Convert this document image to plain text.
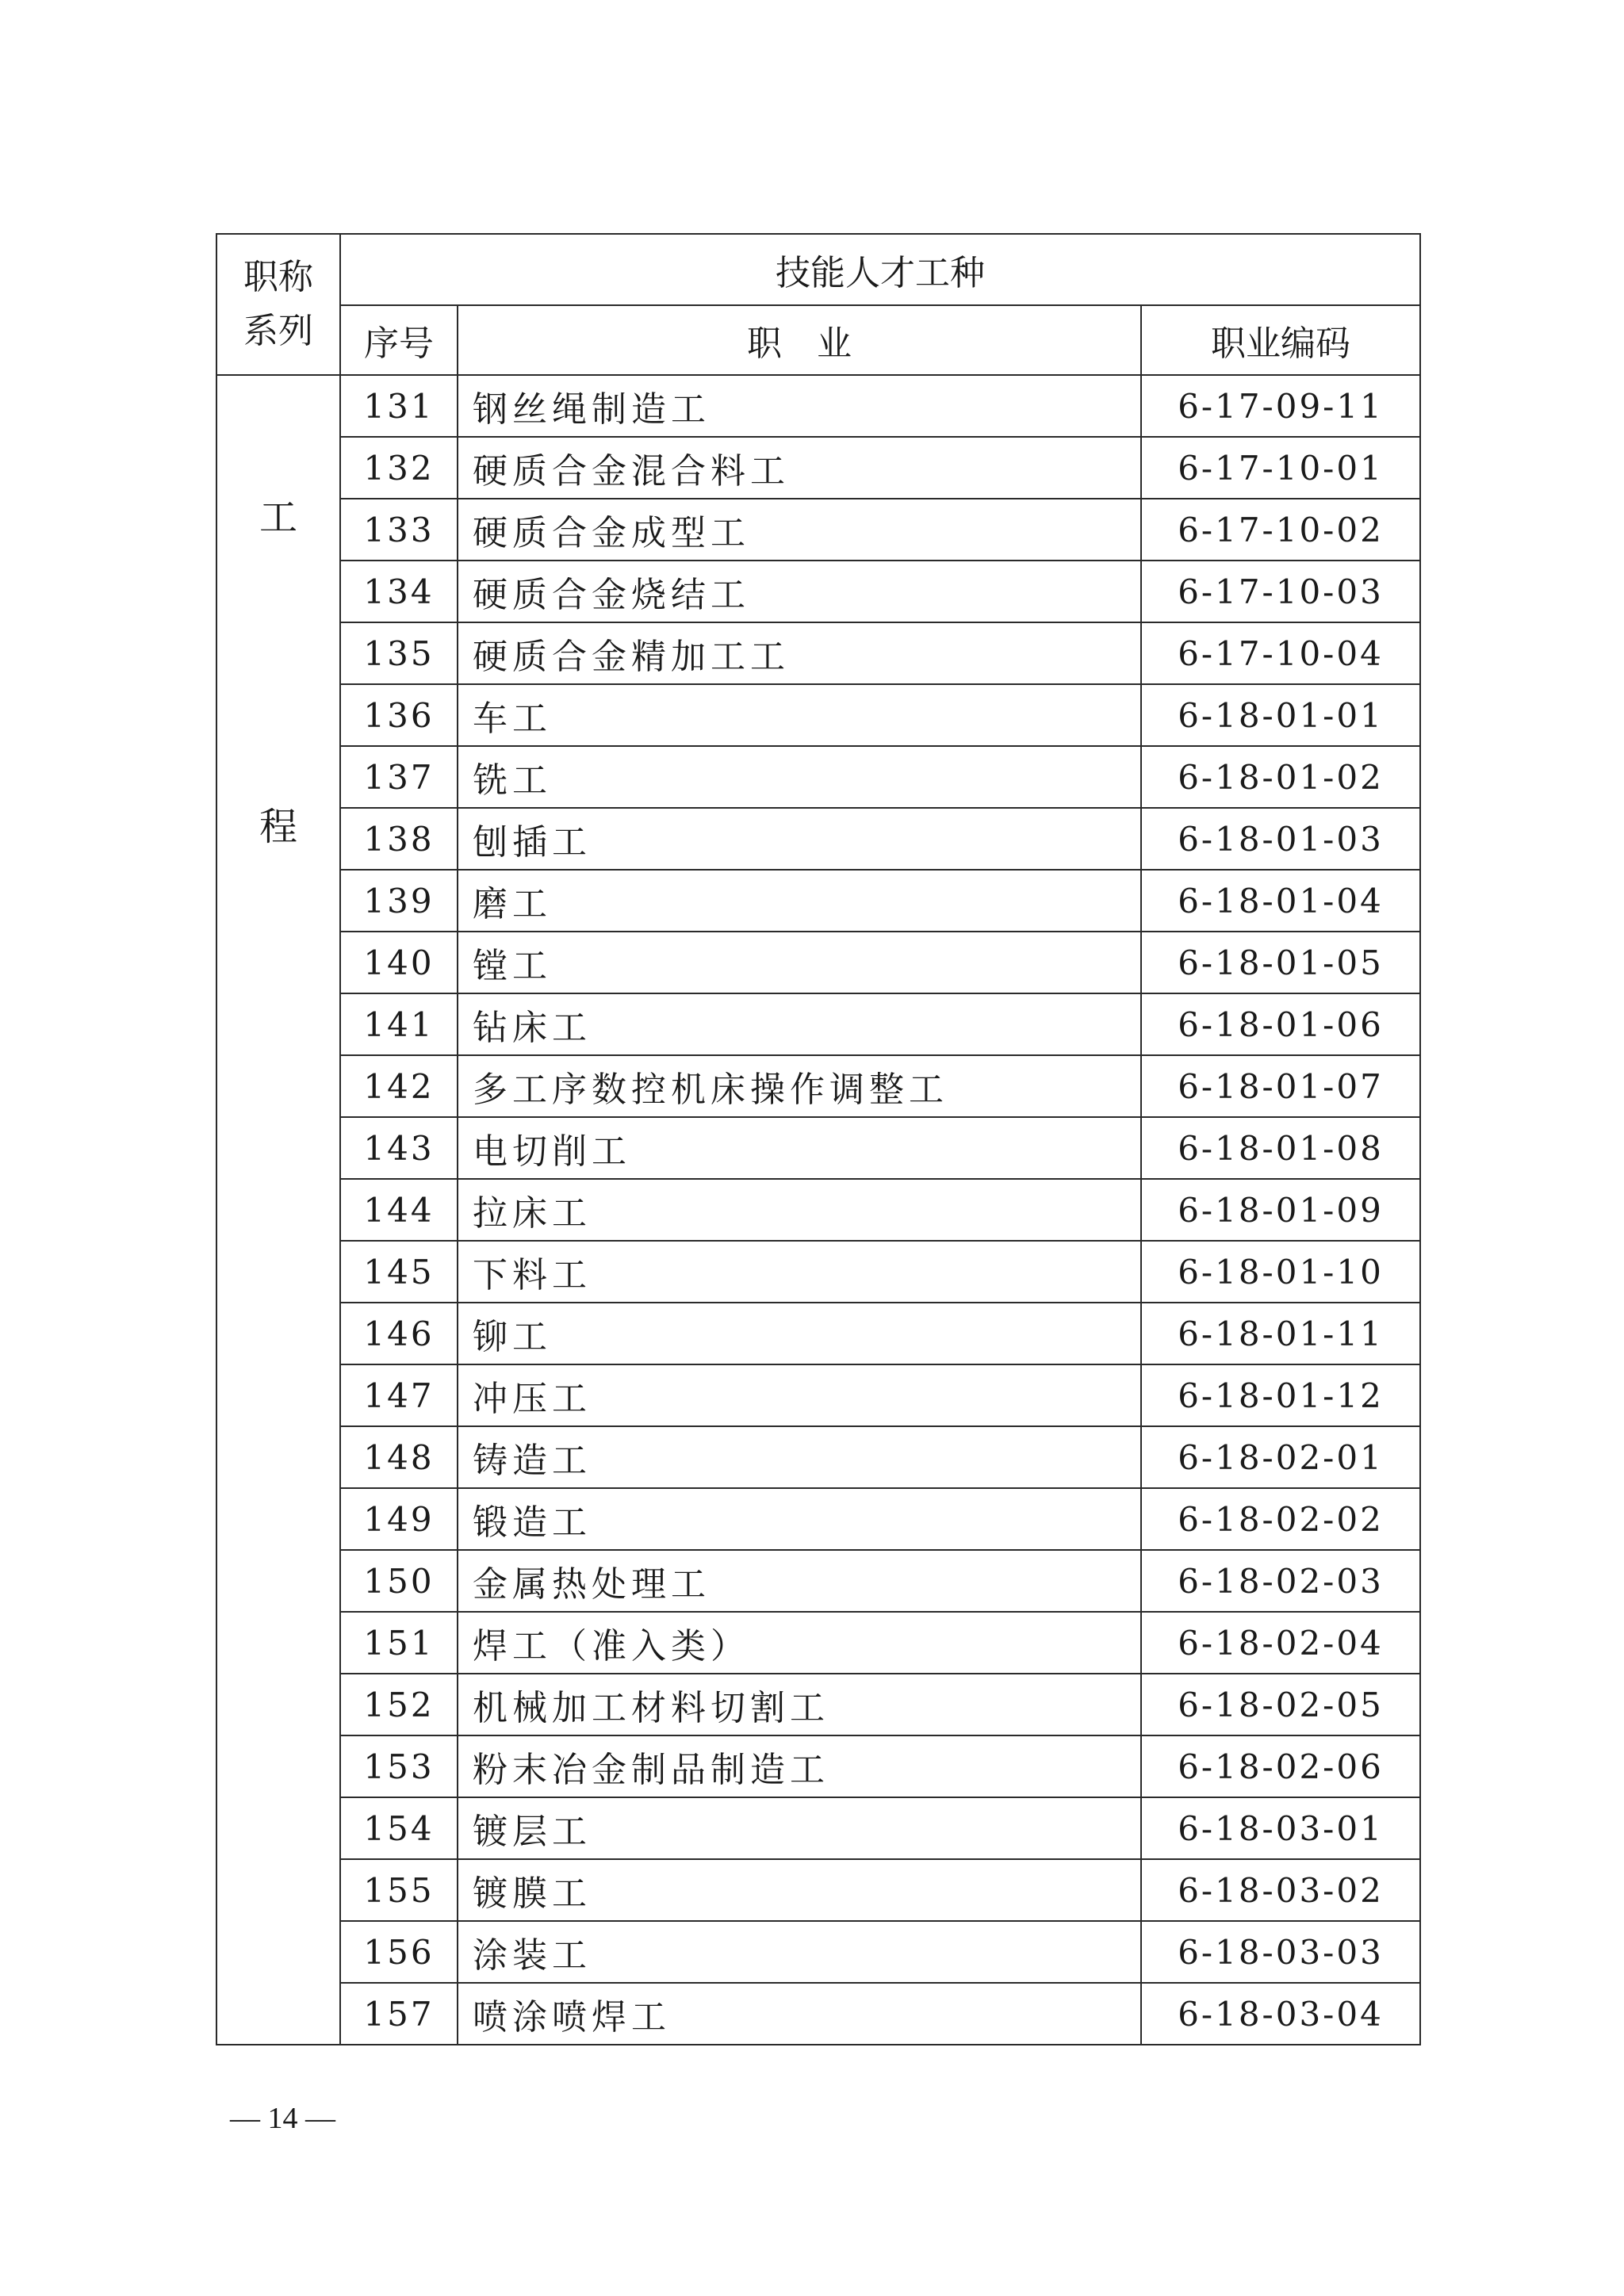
职称
系列	技能人才工种		
	序号	职　业	职业编码

工
程	131	钢丝绳制造工	6-17-09-11
	132	硬质合金混合料工	6-17-10-01
	133	硬质合金成型工	6-17-10-02
	134	硬质合金烧结工	6-17-10-03
	135	硬质合金精加工工	6-17-10-04
	136	车工	6-18-01-01
	137	铣工	6-18-01-02
	138	刨插工	6-18-01-03
	139	磨工	6-18-01-04
	140	镗工	6-18-01-05
	141	钻床工	6-18-01-06
	142	多工序数控机床操作调整工	6-18-01-07
	143	电切削工	6-18-01-08
	144	拉床工	6-18-01-09
	145	下料工	6-18-01-10
	146	铆工	6-18-01-11
	147	冲压工	6-18-01-12
	148	铸造工	6-18-02-01
	149	锻造工	6-18-02-02
	150	金属热处理工	6-18-02-03
	151	焊工（准入类）	6-18-02-04
	152	机械加工材料切割工	6-18-02-05
	153	粉末冶金制品制造工	6-18-02-06
	154	镀层工	6-18-03-01
	155	镀膜工	6-18-03-02
	156	涂装工	6-18-03-03
	157	喷涂喷焊工	6-18-03-04
— 14 —
